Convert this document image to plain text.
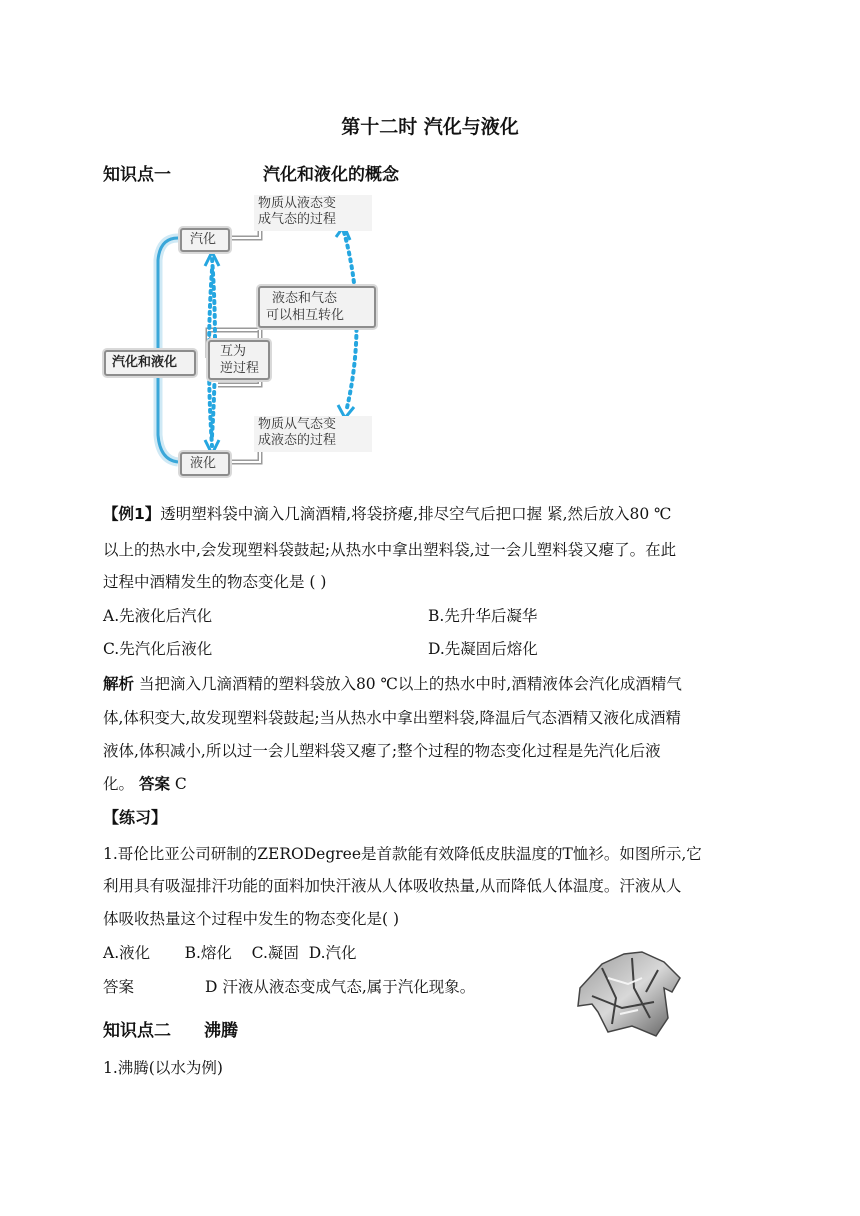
第十二时 汽化与液化
知识点一	汽化和液化的概念
汽化
液化
汽化和液化
互为
逆过程
液态和气态
可以相互转化
物质从液态变
成气态的过程
物质从气态变
成液态的过程
【例1】透明塑料袋中滴入几滴酒精,将袋挤瘪,排尽空气后把口握 紧,然后放入80 ℃
以上的热水中,会发现塑料袋鼓起;从热水中拿出塑料袋,过一会儿塑料袋又瘪了。在此
过程中酒精发生的物态变化是 ( )
A.先液化后汽化	B.先升华后凝华
C.先汽化后液化	D.先凝固后熔化
解析 当把滴入几滴酒精的塑料袋放入80 ℃以上的热水中时,酒精液体会汽化成酒精气
体,体积变大,故发现塑料袋鼓起;当从热水中拿出塑料袋,降温后气态酒精又液化成酒精
液体,体积减小,所以过一会儿塑料袋又瘪了;整个过程的物态变化过程是先汽化后液
化。 答案 C
【练习】
1.哥伦比亚公司研制的ZERODegree是首款能有效降低皮肤温度的T恤衫。如图所示,它
利用具有吸湿排汗功能的面料加快汗液从人体吸收热量,从而降低人体温度。汗液从人
体吸收热量这个过程中发生的物态变化是( )
A.液化       B.熔化    C.凝固  D.汽化
答案	D 汗液从液态变成气态,属于汽化现象。
知识点二 沸腾
1.沸腾(以水为例)
